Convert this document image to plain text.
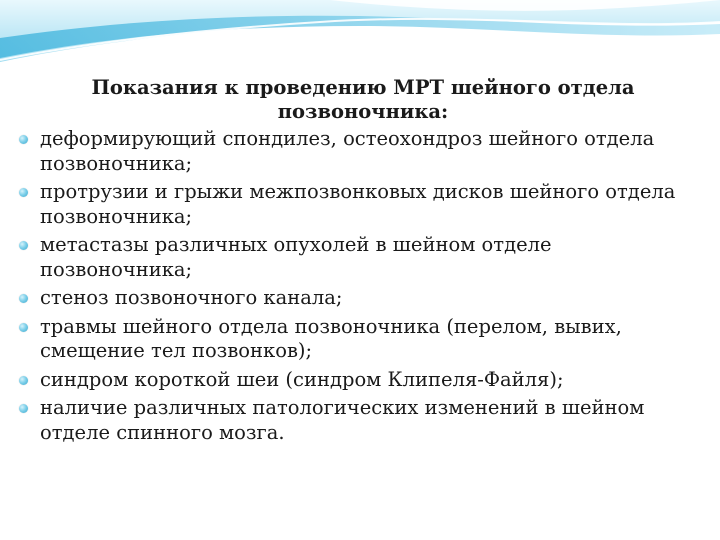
Показания к проведению МРТ шейного отдела позвоночника:
деформирующий спондилез, остеохондроз шейного отдела позвоночника;
протрузии и грыжи межпозвонковых дисков шейного отдела позвоночника;
метастазы различных опухолей в шейном отделе позвоночника;
стеноз позвоночного канала;
травмы шейного отдела позвоночника (перелом, вывих, смещение тел позвонков);
синдром короткой шеи (синдром Клипеля-Файля);
наличие различных патологических изменений в шейном отделе спинного мозга.
